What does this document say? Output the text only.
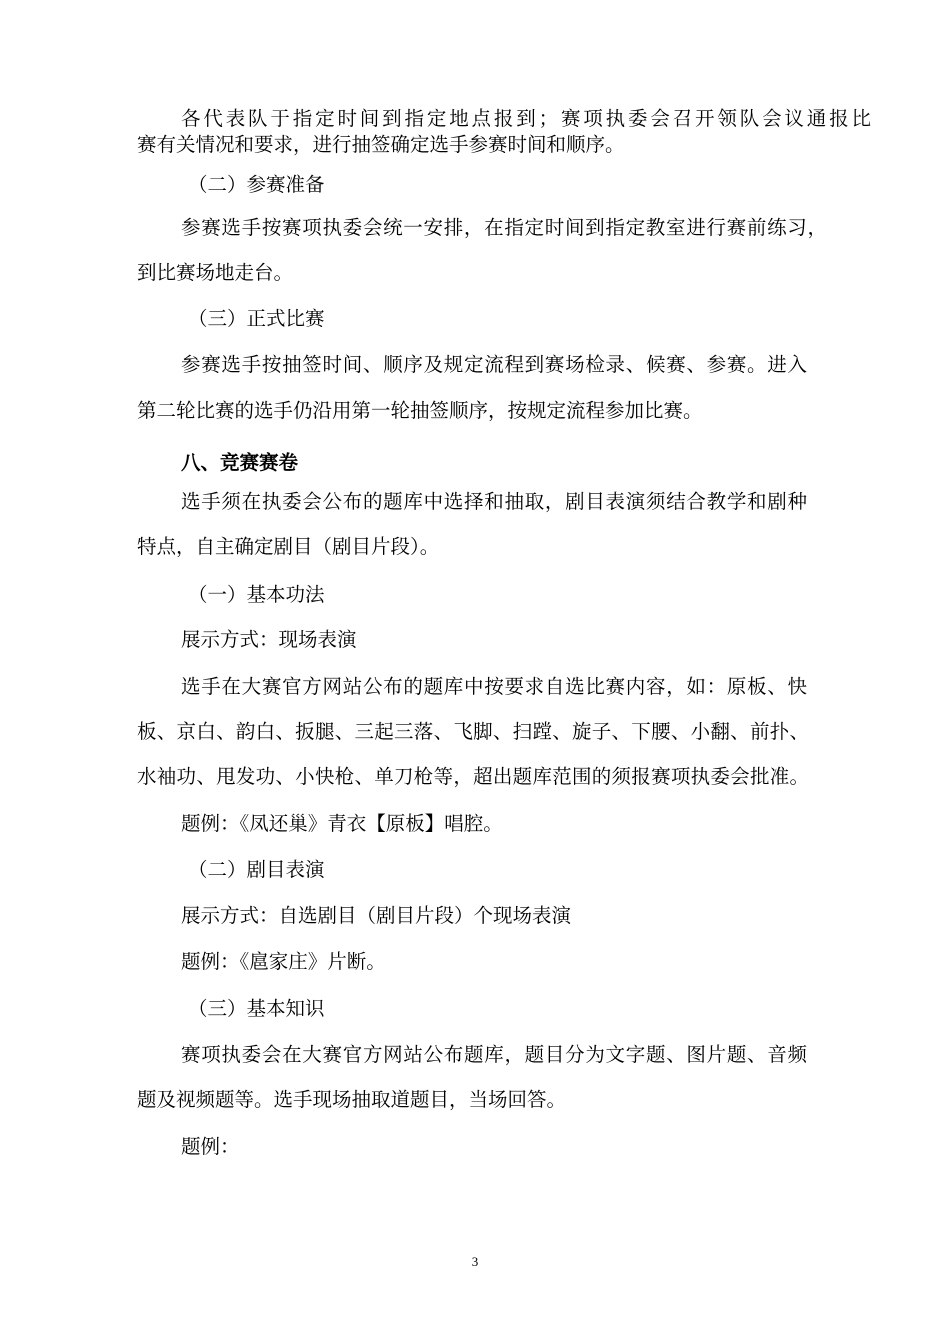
各代表队于指定时间到指定地点报到；赛项执委会召开领队会议通报比
赛有关情况和要求，进行抽签确定选手参赛时间和顺序。
（二）参赛准备
参赛选手按赛项执委会统一安排，在指定时间到指定教室进行赛前练习，
到比赛场地走台。
（三）正式比赛
参赛选手按抽签时间、顺序及规定流程到赛场检录、候赛、参赛。进入
第二轮比赛的选手仍沿用第一轮抽签顺序，按规定流程参加比赛。
八、竞赛赛卷
选手须在执委会公布的题库中选择和抽取，剧目表演须结合教学和剧种
特点，自主确定剧目（剧目片段）。
（一）基本功法
展示方式：现场表演
选手在大赛官方网站公布的题库中按要求自选比赛内容，如：原板、快
板、京白、韵白、扳腿、三起三落、飞脚、扫蹚、旋子、下腰、小翻、前扑、
水袖功、甩发功、小快枪、单刀枪等，超出题库范围的须报赛项执委会批准。
题例：《凤还巢》青衣【原板】唱腔。
（二）剧目表演
展示方式：自选剧目（剧目片段）个现场表演
题例：《扈家庄》片断。
（三）基本知识
赛项执委会在大赛官方网站公布题库，题目分为文字题、图片题、音频
题及视频题等。选手现场抽取道题目，当场回答。
题例：
3
